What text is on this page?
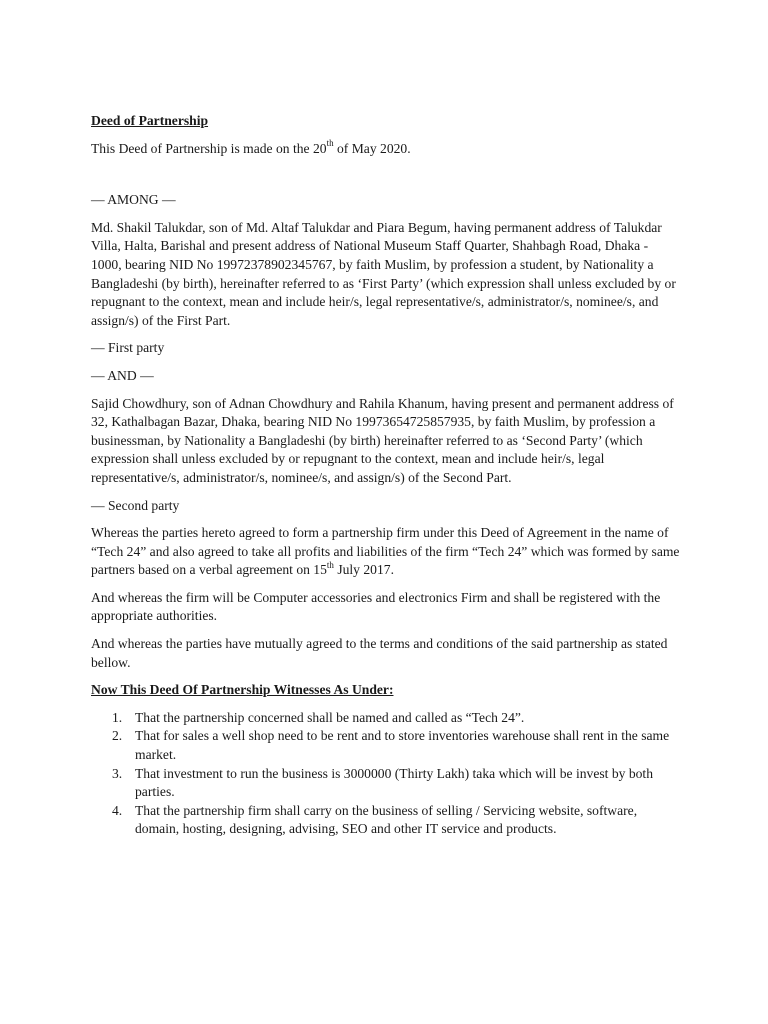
Deed of Partnership

This Deed of Partnership is made on the 20th of May 2020.

— AMONG —

Md. Shakil Talukdar, son of Md. Altaf Talukdar and Piara Begum, having permanent address of Talukdar Villa, Halta, Barishal and present address of National Museum Staff Quarter, Shahbagh Road, Dhaka - 1000, bearing NID No 19972378902345767, by faith Muslim, by profession a student, by Nationality a Bangladeshi (by birth), hereinafter referred to as ‘First Party’ (which expression shall unless excluded by or repugnant to the context, mean and include heir/s, legal representative/s, administrator/s, nominee/s, and assign/s) of the First Part.

— First party

— AND —

Sajid Chowdhury, son of Adnan Chowdhury and Rahila Khanum, having present and permanent address of 32, Kathalbagan Bazar, Dhaka, bearing NID No 19973654725857935, by faith Muslim, by profession a businessman, by Nationality a Bangladeshi (by birth) hereinafter referred to as ‘Second Party’ (which expression shall unless excluded by or repugnant to the context, mean and include heir/s, legal representative/s, administrator/s, nominee/s, and assign/s) of the Second Part.

— Second party

Whereas the parties hereto agreed to form a partnership firm under this Deed of Agreement in the name of “Tech 24” and also agreed to take all profits and liabilities of the firm “Tech 24” which was formed by same partners based on a verbal agreement on 15th July 2017.

And whereas the firm will be Computer accessories and electronics Firm and shall be registered with the appropriate authorities.

And whereas the parties have mutually agreed to the terms and conditions of the said partnership as stated bellow.

Now This Deed Of Partnership Witnesses As Under:
1. That the partnership concerned shall be named and called as “Tech 24”.
2. That for sales a well shop need to be rent and to store inventories warehouse shall rent in the same market.
3. That investment to run the business is 3000000 (Thirty Lakh) taka which will be invest by both parties.
4. That the partnership firm shall carry on the business of selling / Servicing website, software, domain, hosting, designing, advising, SEO and other IT service and products.
